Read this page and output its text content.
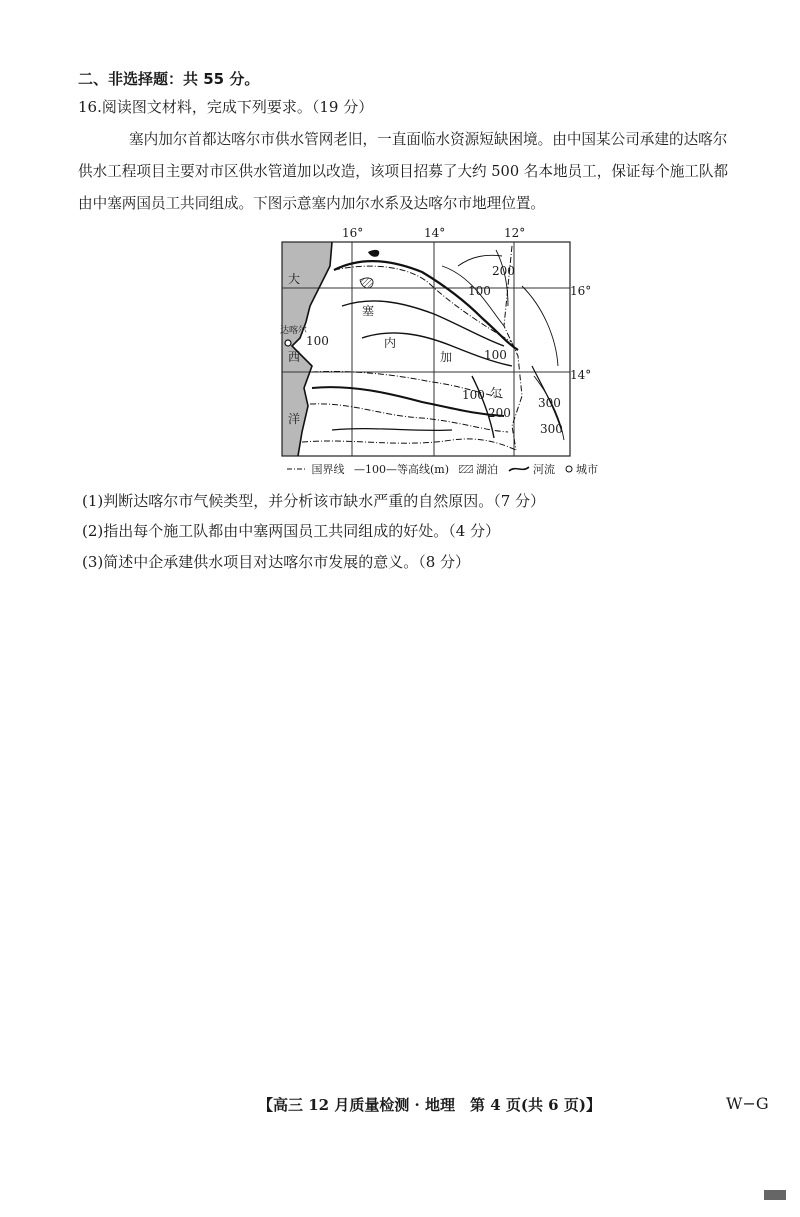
二、非选择题：共 55 分。
16.阅读图文材料，完成下列要求。（19 分）
塞内加尔首都达喀尔市供水管网老旧，一直面临水资源短缺困境。由中国某公司承建的达喀尔
供水工程项目主要对市区供水管道加以改造，该项目招募了大约 500 名本地员工，保证每个施工队都
由中塞两国员工共同组成。下图示意塞内加尔水系及达喀尔市地理位置。
16°	14°	12°
16°
14°
大
西
洋
塞
内
加
尔
达喀尔
100
100
100
100
200
200
300
300
国界线 —100—等高线(m) 湖泊	河流 城市
(1)判断达喀尔市气候类型，并分析该市缺水严重的自然原因。（7 分）
(2)指出每个施工队都由中塞两国员工共同组成的好处。（4 分）
(3)简述中企承建供水项目对达喀尔市发展的意义。（8 分）
【高三 12 月质量检测 · 地理　第 4 页(共 6 页)】	W−G
